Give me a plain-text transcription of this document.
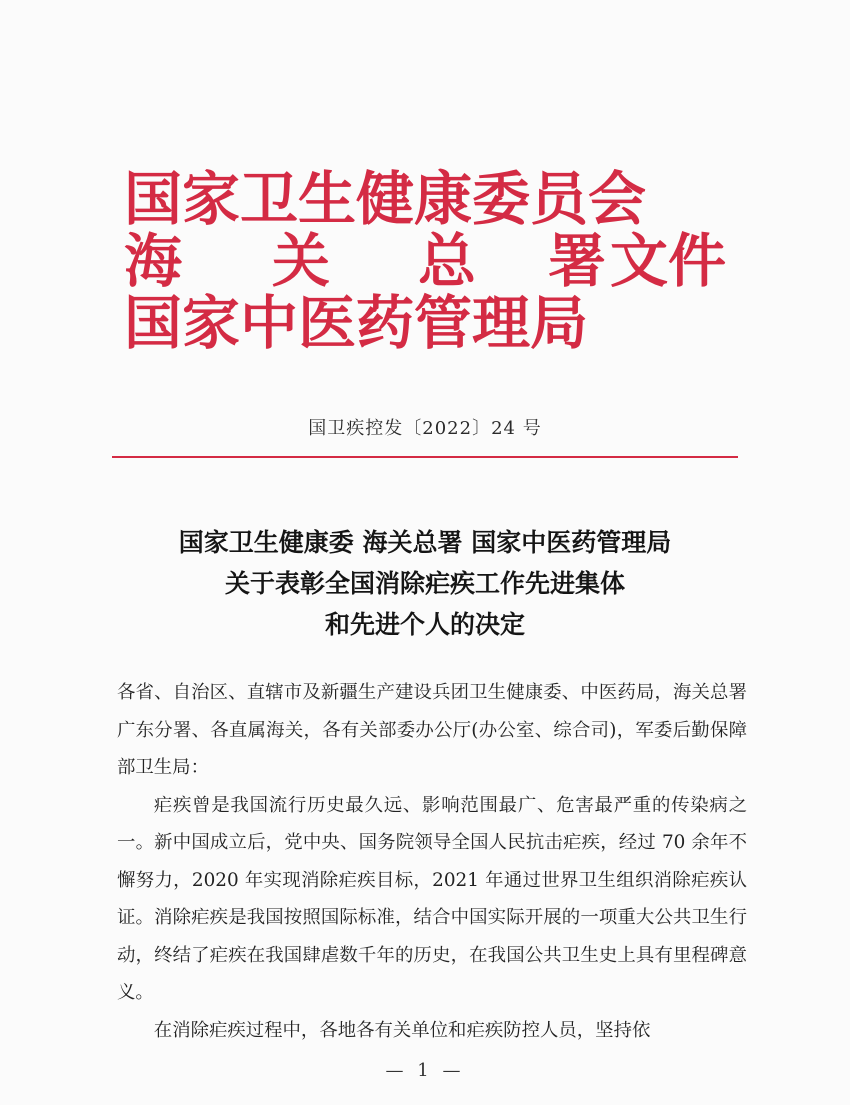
国家卫生健康委员会
海 关 总 署 文件
国家中医药管理局
国卫疾控发〔2022〕24 号
国家卫生健康委 海关总署 国家中医药管理局
关于表彰全国消除疟疾工作先进集体
和先进个人的决定

各省、自治区、直辖市及新疆生产建设兵团卫生健康委、中医药局，海关总署广东分署、各直属海关，各有关部委办公厅(办公室、综合司)，军委后勤保障部卫生局：

疟疾曾是我国流行历史最久远、影响范围最广、危害最严重的传染病之一。新中国成立后，党中央、国务院领导全国人民抗击疟疾，经过 70 余年不懈努力，2020 年实现消除疟疾目标，2021 年通过世界卫生组织消除疟疾认证。消除疟疾是我国按照国际标准，结合中国实际开展的一项重大公共卫生行动，终结了疟疾在我国肆虐数千年的历史，在我国公共卫生史上具有里程碑意义。

在消除疟疾过程中，各地各有关单位和疟疾防控人员，坚持依

— 1 —
